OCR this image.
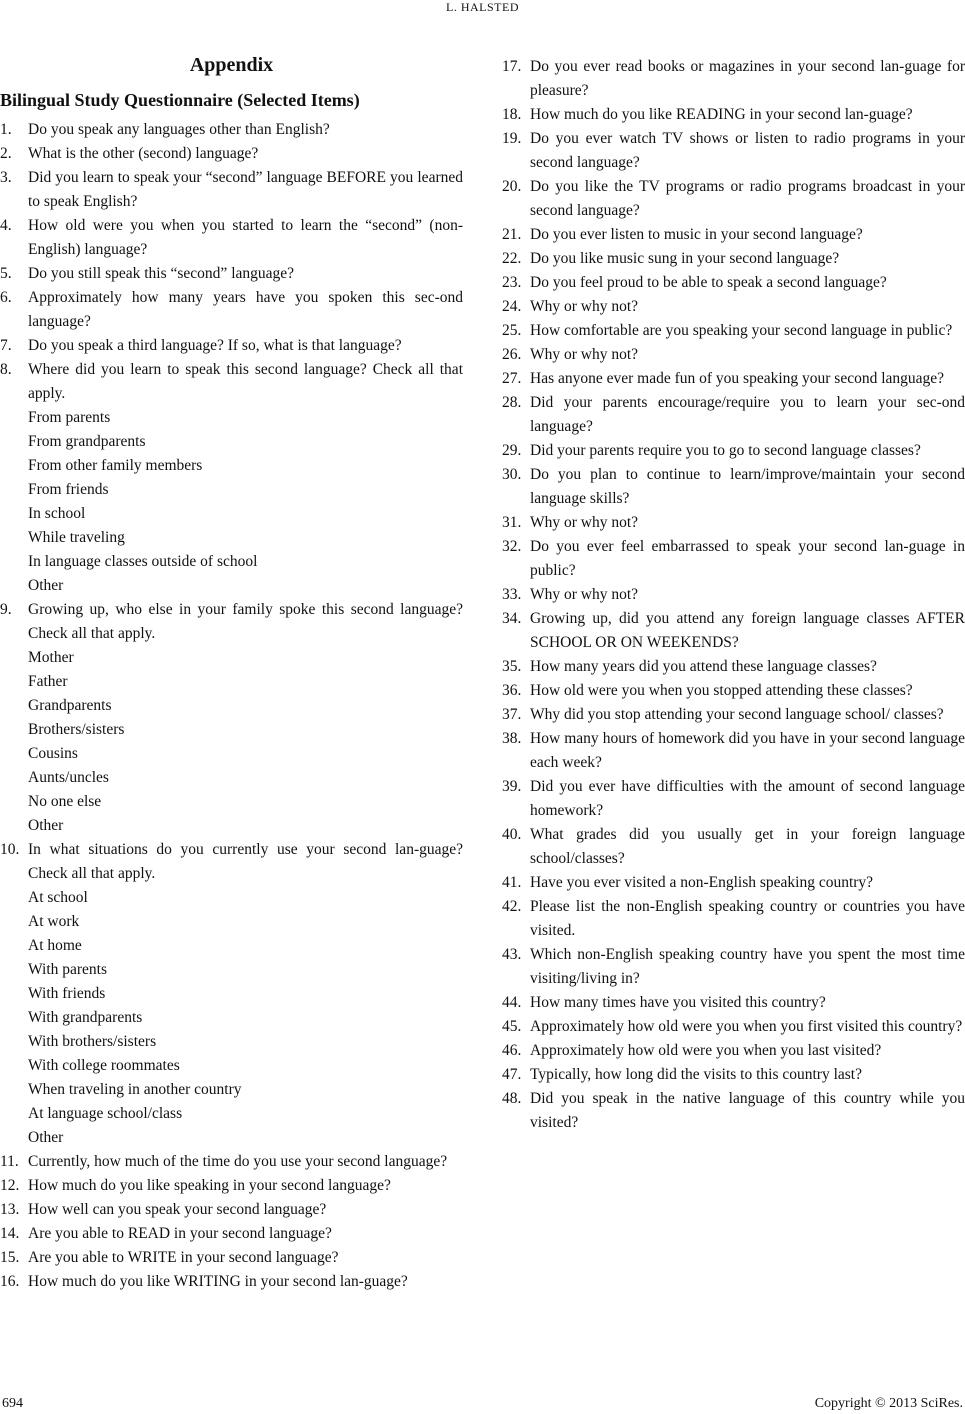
L. HALSTED
Appendix
Bilingual Study Questionnaire (Selected Items)
1. Do you speak any languages other than English?
2. What is the other (second) language?
3. Did you learn to speak your “second” language BEFORE you learned to speak English?
4. How old were you when you started to learn the “second” (non-English) language?
5. Do you still speak this “second” language?
6. Approximately how many years have you spoken this sec-ond language?
7. Do you speak a third language? If so, what is that language?
8. Where did you learn to speak this second language? Check all that apply.
From parents
From grandparents
From other family members
From friends
In school
While traveling
In language classes outside of school
Other
9. Growing up, who else in your family spoke this second language? Check all that apply.
Mother
Father
Grandparents
Brothers/sisters
Cousins
Aunts/uncles
No one else
Other
10. In what situations do you currently use your second lan-guage? Check all that apply.
At school
At work
At home
With parents
With friends
With grandparents
With brothers/sisters
With college roommates
When traveling in another country
At language school/class
Other
11. Currently, how much of the time do you use your second language?
12. How much do you like speaking in your second language?
13. How well can you speak your second language?
14. Are you able to READ in your second language?
15. Are you able to WRITE in your second language?
16. How much do you like WRITING in your second lan-guage?
17. Do you ever read books or magazines in your second lan-guage for pleasure?
18. How much do you like READING in your second lan-guage?
19. Do you ever watch TV shows or listen to radio programs in your second language?
20. Do you like the TV programs or radio programs broadcast in your second language?
21. Do you ever listen to music in your second language?
22. Do you like music sung in your second language?
23. Do you feel proud to be able to speak a second language?
24. Why or why not?
25. How comfortable are you speaking your second language in public?
26. Why or why not?
27. Has anyone ever made fun of you speaking your second language?
28. Did your parents encourage/require you to learn your sec-ond language?
29. Did your parents require you to go to second language classes?
30. Do you plan to continue to learn/improve/maintain your second language skills?
31. Why or why not?
32. Do you ever feel embarrassed to speak your second lan-guage in public?
33. Why or why not?
34. Growing up, did you attend any foreign language classes AFTER SCHOOL OR ON WEEKENDS?
35. How many years did you attend these language classes?
36. How old were you when you stopped attending these classes?
37. Why did you stop attending your second language school/ classes?
38. How many hours of homework did you have in your second language each week?
39. Did you ever have difficulties with the amount of second language homework?
40. What grades did you usually get in your foreign language school/classes?
41. Have you ever visited a non-English speaking country?
42. Please list the non-English speaking country or countries you have visited.
43. Which non-English speaking country have you spent the most time visiting/living in?
44. How many times have you visited this country?
45. Approximately how old were you when you first visited this country?
46. Approximately how old were you when you last visited?
47. Typically, how long did the visits to this country last?
48. Did you speak in the native language of this country while you visited?
694	Copyright © 2013 SciRes.
